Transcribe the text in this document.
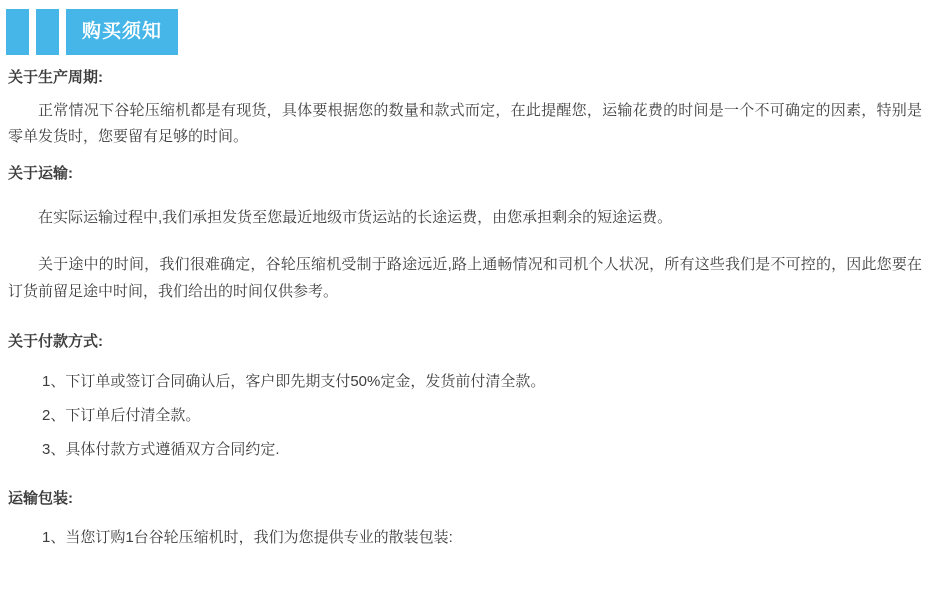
购买须知
关于生产周期:

正常情况下谷轮压缩机都是有现货，具体要根据您的数量和款式而定，在此提醒您，运输花费的时间是一个不可确定的因素，特别是零单发货时，您要留有足够的时间。

关于运输:

在实际运输过程中,我们承担发货至您最近地级市货运站的长途运费，由您承担剩余的短途运费。

关于途中的时间，我们很难确定，谷轮压缩机受制于路途远近,路上通畅情况和司机个人状况，所有这些我们是不可控的，因此您要在订货前留足途中时间，我们给出的时间仅供参考。

关于付款方式:
1、下订单或签订合同确认后，客户即先期支付50%定金，发货前付清全款。
2、下订单后付清全款。
3、具体付款方式遵循双方合同约定.
运输包装:
1、当您订购1台谷轮压缩机时，我们为您提供专业的散装包装:
